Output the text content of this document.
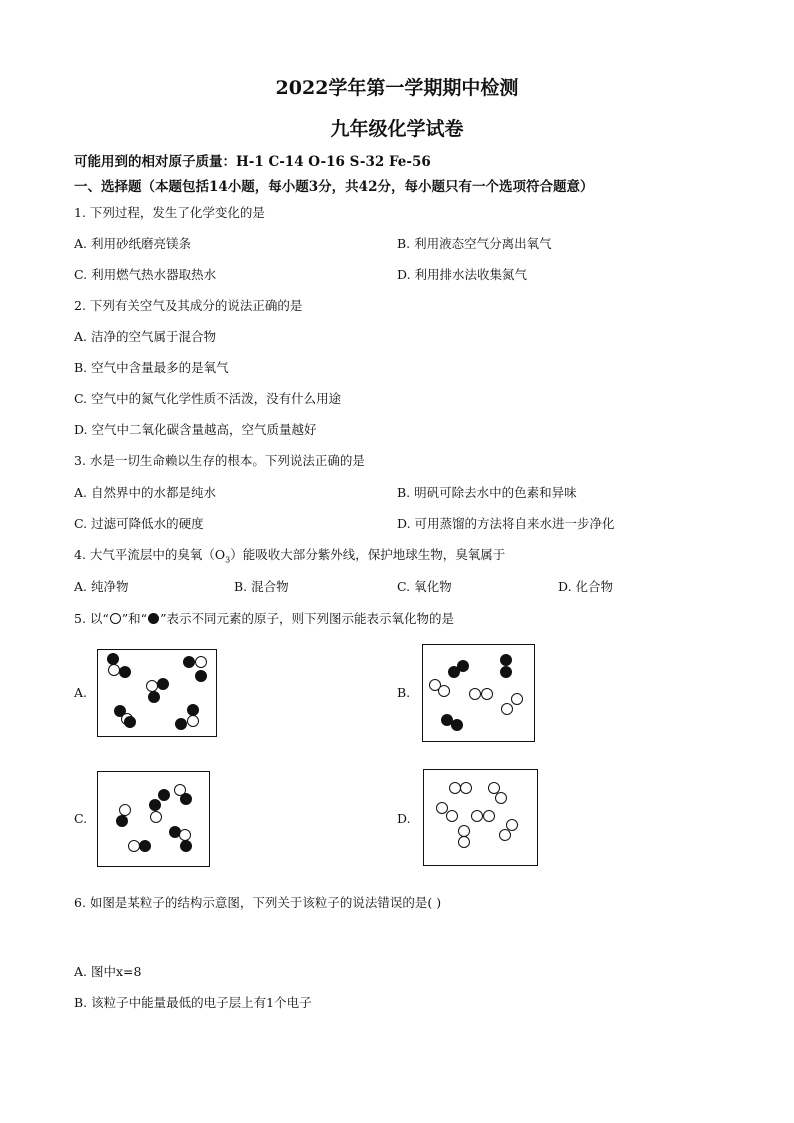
2022学年第一学期期中检测
九年级化学试卷
可能用到的相对原子质量：H-1 C-14 O-16 S-32 Fe-56
一、选择题（本题包括14小题，每小题3分，共42分，每小题只有一个选项符合题意）
1. 下列过程，发生了化学变化的是
A. 利用砂纸磨亮镁条	B. 利用液态空气分离出氧气
C. 利用燃气热水器取热水	D. 利用排水法收集氮气
2. 下列有关空气及其成分的说法正确的是
A. 洁净的空气属于混合物
B. 空气中含量最多的是氧气
C. 空气中的氮气化学性质不活泼，没有什么用途
D. 空气中二氧化碳含量越高，空气质量越好
3. 水是一切生命赖以生存的根本。下列说法正确的是
A. 自然界中的水都是纯水	B. 明矾可除去水中的色素和异味
C. 过滤可降低水的硬度	D. 可用蒸馏的方法将自来水进一步净化
4. 大气平流层中的臭氧$(O_3)$能吸收大部分紫外线，保护地球生物，臭氧属于
A. 纯净物	B. 混合物	C. 氧化物	D. 化合物
5. 以“ ”和“ ”表示不同元素的原子，则下列图示能表示氧化物的是
A.	B.
C.	D.
6. 如图是某粒子的结构示意图，下列关于该粒子的说法错误的是( )
A. 图中x=8
B. 该粒子中能量最低的电子层上有1个电子
